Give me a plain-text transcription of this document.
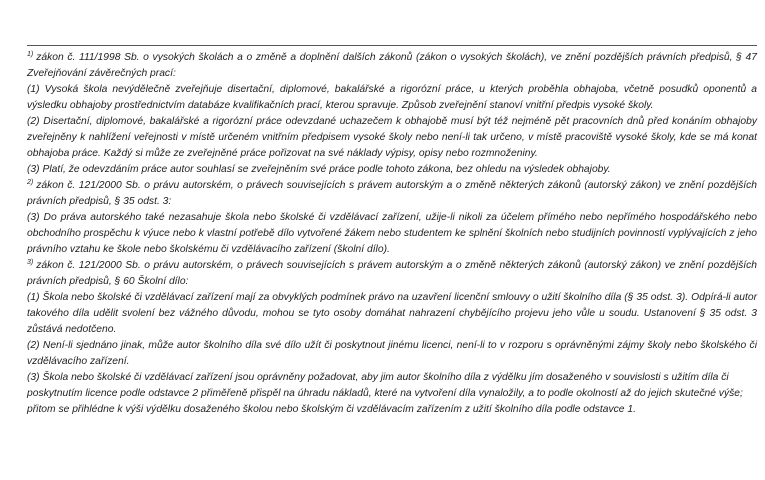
$^{1)}$ zákon č. 111/1998 Sb. o vysokých školách a o změně a doplnění dalších zákonů (zákon o vysokých školách), ve znění pozdějších právních předpisů, § 47 Zveřejňování závěrečných prací:

(1) Vysoká škola nevýdělečně zveřejňuje disertační, diplomové, bakalářské a rigorózní práce, u kterých proběhla obhajoba, včetně posudků oponentů a výsledku obhajoby prostřednictvím databáze kvalifikačních prací, kterou spravuje. Způsob zveřejnění stanoví vnitřní předpis vysoké školy.

(2) Disertační, diplomové, bakalářské a rigorózní práce odevzdané uchazečem k obhajobě musí být též nejméně pět pracovních dnů před konáním obhajoby zveřejněny k nahlížení veřejnosti v místě určeném vnitřním předpisem vysoké školy nebo není-li tak určeno, v místě pracoviště vysoké školy, kde se má konat obhajoba práce. Každý si může ze zveřejněné práce pořizovat na své náklady výpisy, opisy nebo rozmnoženiny.

(3) Platí, že odevzdáním práce autor souhlasí se zveřejněním své práce podle tohoto zákona, bez ohledu na výsledek obhajoby.

$^{2)}$ zákon č. 121/2000 Sb. o právu autorském, o právech souvisejících s právem autorským a o změně některých zákonů (autorský zákon) ve znění pozdějších právních předpisů, § 35 odst. 3:

(3) Do práva autorského také nezasahuje škola nebo školské či vzdělávací zařízení, užije-li nikoli za účelem přímého nebo nepřímého hospodářského nebo obchodního prospěchu k výuce nebo k vlastní potřebě dílo vytvořené žákem nebo studentem ke splnění školních nebo studijních povinností vyplývajících z jeho právního vztahu ke škole nebo školskému či vzdělávacího zařízení (školní dílo).

$^{3)}$ zákon č. 121/2000 Sb. o právu autorském, o právech souvisejících s právem autorským a o změně některých zákonů (autorský zákon) ve znění pozdějších právních předpisů, § 60 Školní dílo:

(1) Škola nebo školské či vzdělávací zařízení mají za obvyklých podmínek právo na uzavření licenční smlouvy o užití školního díla (§ 35 odst. 3). Odpírá-li autor takového díla udělit svolení bez vážného důvodu, mohou se tyto osoby domáhat nahrazení chybějícího projevu jeho vůle u soudu. Ustanovení § 35 odst. 3 zůstává nedotčeno.

(2) Není-li sjednáno jinak, může autor školního díla své dílo užít či poskytnout jinému licenci, není-li to v rozporu s oprávněnými zájmy školy nebo školského či vzdělávacího zařízení.

(3) Škola nebo školské či vzdělávací zařízení jsou oprávněny požadovat, aby jim autor školního díla z výdělku jím dosaženého v souvislosti s užitím díla či poskytnutím licence podle odstavce 2 přiměřeně přispěl na úhradu nákladů, které na vytvoření díla vynaložily, a to podle okolností až do jejich skutečné výše; přitom se přihlédne k výši výdělku dosaženého školou nebo školským či vzdělávacím zařízením z užití školního díla podle odstavce 1.
